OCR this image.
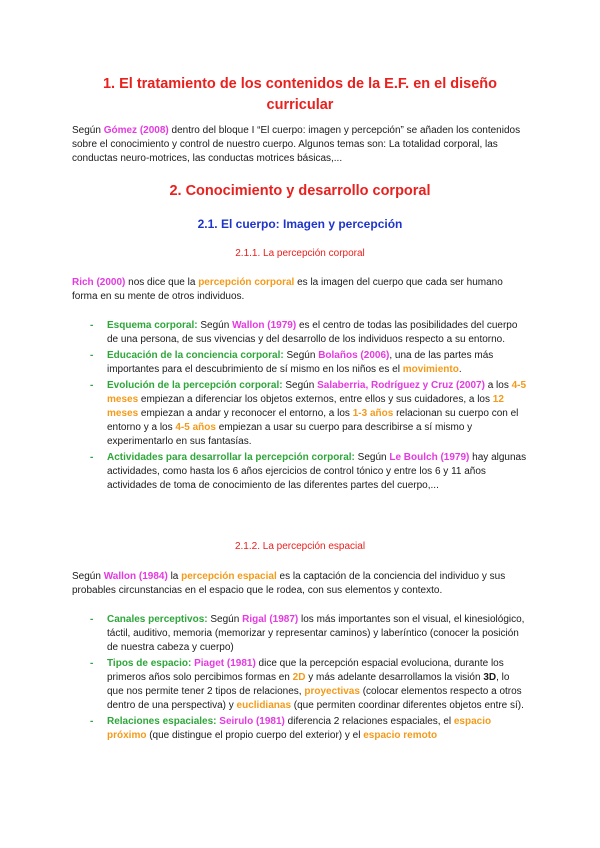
1. El tratamiento de los contenidos de la E.F. en el diseño curricular
Según Gómez (2008) dentro del bloque I “El cuerpo: imagen y percepción” se añaden los contenidos sobre el conocimiento y control de nuestro cuerpo. Algunos temas son: La totalidad corporal, las conductas neuro-motrices, las conductas motrices básicas,...
2. Conocimiento y desarrollo corporal
2.1. El cuerpo: Imagen y percepción
2.1.1. La percepción corporal
Rich (2000) nos dice que la percepción corporal es la imagen del cuerpo que cada ser humano forma en su mente de otros individuos.
- Esquema corporal: Según Wallon (1979) es el centro de todas las posibilidades del cuerpo de una persona, de sus vivencias y del desarrollo de los individuos respecto a su entorno.
- Educación de la conciencia corporal: Según Bolaños (2006), una de las partes más importantes para el descubrimiento de sí mismo en los niños es el movimiento.
- Evolución de la percepción corporal: Según Salaberria, Rodríguez y Cruz (2007) a los 4-5 meses empiezan a diferenciar los objetos externos, entre ellos y sus cuidadores, a los 12 meses empiezan a andar y reconocer el entorno, a los 1-3 años relacionan su cuerpo con el entorno y a los 4-5 años empiezan a usar su cuerpo para describirse a sí mismo y experimentarlo en sus fantasías.
- Actividades para desarrollar la percepción corporal: Según Le Boulch (1979) hay algunas actividades, como hasta los 6 años ejercicios de control tónico y entre los 6 y 11 años actividades de toma de conocimiento de las diferentes partes del cuerpo,...
2.1.2. La percepción espacial
Según Wallon (1984) la percepción espacial es la captación de la conciencia del individuo y sus probables circunstancias en el espacio que le rodea, con sus elementos y contexto.
- Canales perceptivos: Según Rigal (1987) los más importantes son el visual, el kinesiológico, táctil, auditivo, memoria (memorizar y representar caminos) y laberíntico (conocer la posición de nuestra cabeza y cuerpo)
- Tipos de espacio: Piaget (1981) dice que la percepción espacial evoluciona, durante los primeros años solo percibimos formas en 2D y más adelante desarrollamos la visión 3D, lo que nos permite tener 2 tipos de relaciones, proyectivas (colocar elementos respecto a otros dentro de una perspectiva) y euclidianas (que permiten coordinar diferentes objetos entre sí).
- Relaciones espaciales: Seirulo (1981) diferencia 2 relaciones espaciales, el espacio próximo (que distingue el propio cuerpo del exterior) y el espacio remoto
